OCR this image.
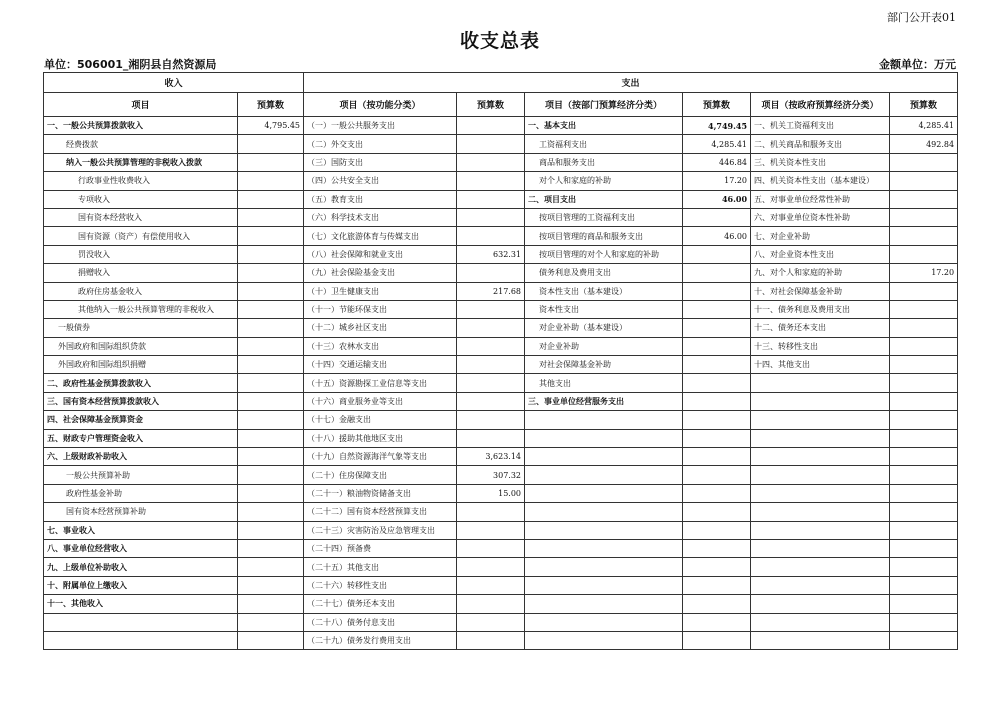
部门公开表01
收支总表
单位：506001_湘阴县自然资源局	金额单位：万元
收入		支出					
项目	预算数	项目（按功能分类）	预算数	项目（按部门预算经济分类）	预算数	项目（按政府预算经济分类）	预算数
一、一般公共预算拨款收入	4,795.45	（一）一般公共服务支出		一、基本支出	4,749.45	一、机关工资福利支出	4,285.41
经费拨款		（二）外交支出		工资福利支出	4,285.41	二、机关商品和服务支出	492.84
纳入一般公共预算管理的非税收入拨款		（三）国防支出		商品和服务支出	446.84	三、机关资本性支出	
行政事业性收费收入		（四）公共安全支出		对个人和家庭的补助	17.20	四、机关资本性支出（基本建设）	
专项收入		（五）教育支出		二、项目支出	46.00	五、对事业单位经常性补助	
国有资本经营收入		（六）科学技术支出		按项目管理的工资福利支出		六、对事业单位资本性补助	
国有资源（资产）有偿使用收入		（七）文化旅游体育与传媒支出		按项目管理的商品和服务支出	46.00	七、对企业补助	
罚没收入		（八）社会保障和就业支出	632.31	按项目管理的对个人和家庭的补助		八、对企业资本性支出	
捐赠收入		（九）社会保险基金支出		债务利息及费用支出		九、对个人和家庭的补助	17.20
政府住房基金收入		（十）卫生健康支出	217.68	资本性支出（基本建设）		十、对社会保障基金补助	
其他纳入一般公共预算管理的非税收入		（十一）节能环保支出		资本性支出		十一、债务利息及费用支出	
一般债券		（十二）城乡社区支出		对企业补助（基本建设）		十二、债务还本支出	
外国政府和国际组织贷款		（十三）农林水支出		对企业补助		十三、转移性支出	
外国政府和国际组织捐赠		（十四）交通运输支出		对社会保障基金补助		十四、其他支出	
二、政府性基金预算拨款收入		（十五）资源勘探工业信息等支出		其他支出			
三、国有资本经营预算拨款收入		（十六）商业服务业等支出		三、事业单位经营服务支出			
四、社会保障基金预算资金		（十七）金融支出					
五、财政专户管理资金收入		（十八）援助其他地区支出					
六、上级财政补助收入		（十九）自然资源海洋气象等支出	3,623.14				
一般公共预算补助		（二十）住房保障支出	307.32				
政府性基金补助		（二十一）粮油物资储备支出	15.00				
国有资本经营预算补助		（二十二）国有资本经营预算支出					
七、事业收入		（二十三）灾害防治及应急管理支出					
八、事业单位经营收入		（二十四）预备费					
九、上级单位补助收入		（二十五）其他支出					
十、附属单位上缴收入		（二十六）转移性支出					
十一、其他收入		（二十七）债务还本支出					
		（二十八）债务付息支出					
		（二十九）债务发行费用支出					
